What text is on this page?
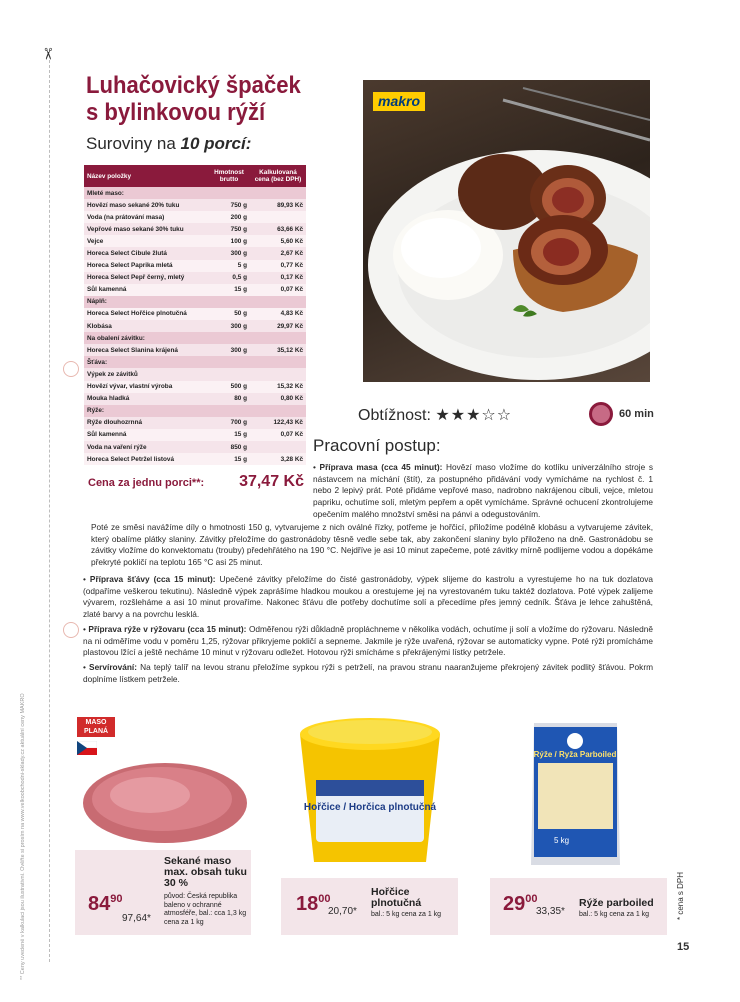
✂
** Ceny uvedené v kalkulaci jsou ilustrativní. Ověřte si prosím na www.velkoobchodni-sklady.cz aktuální ceny MAKRO
Luhačovický špaček
s bylinkovou rýží
Suroviny na 10 porcí:
Název položky	Hmotnost brutto	Kalkulovaná cena (bez DPH)
Mleté maso:		
Hovězí maso sekané 20% tuku	750 g	89,93 Kč
Voda (na prátování masa)	200 g	
Vepřové maso sekané 30% tuku	750 g	63,66 Kč
Vejce	100 g	5,60 Kč
Horeca Select Cibule žlutá	300 g	2,67 Kč
Horeca Select Paprika mletá	5 g	0,77 Kč
Horeca Select Pepř černý, mletý	0,5 g	0,17 Kč
Sůl kamenná	15 g	0,07 Kč
Náplň:		
Horeca Select Hořčice plnotučná	50 g	4,83 Kč
Klobása	300 g	29,97 Kč
Na obalení závitku:		
Horeca Select Slanina krájená	300 g	35,12 Kč
Šťáva:		
Výpek ze závitků		
Hovězí vývar, vlastní výroba	500 g	15,32 Kč
Mouka hladká	80 g	0,80 Kč
Rýže:		
Rýže dlouhozrnná	700 g	122,43 Kč
Sůl kamenná	15 g	0,07 Kč
Voda na vaření rýže	850 g	
Horeca Select Petržel listová	15 g	3,28 Kč
Cena za jednu porci**: 37,47 Kč
makro
Obtížnost: ★★★☆☆	60 min
Pracovní postup:
• Příprava masa (cca 45 minut): Hovězí maso vložíme do kotlíku univerzálního stroje s nástavcem na míchání (štít), za postupného přidávání vody vymícháme na rychlost č. 1 nebo 2 lepivý prát. Poté přidáme vepřové maso, nadrobno nakrájenou cibuli, vejce, mletou papriku, ochutíme solí, mletým pepřem a opět vymícháme. Správné ochucení zkontrolujeme opečením malého množství směsi na pánvi a odegustováním.
Poté ze směsi navážíme díly o hmotnosti 150 g, vytvarujeme z nich oválné řízky, potřeme je hořčicí, přiložíme podélně klobásu a vytvarujeme závitek, který obalíme plátky slaniny. Závitky přeložíme do gastronádoby těsně vedle sebe tak, aby zakončení slaniny bylo přiloženo na dně. Gastronádobu se závitky vložíme do konvektomatu (trouby) předehřátého na 190 °C. Nejdříve je asi 10 minut zapečeme, poté závitky mírně podlijeme vodou a dopékáme překryté pokličí na teplotu 165 °C asi 25 minut.
• Příprava šťávy (cca 15 minut): Upečené závitky přeložíme do čisté gastronádoby, výpek slijeme do kastrolu a vyrestujeme ho na tuk dozlatova (odpaříme veškerou tekutinu). Následně výpek zaprášíme hladkou moukou a orestujeme jej na vyrestovaném tuku taktéž dozlatova. Poté výpek zalijeme vývarem, rozšleháme a asi 10 minut provaříme. Nakonec šťávu dle potřeby dochutíme solí a přecedíme přes jemný cedník. Šťáva je lehce zahuštěná, zlaté barvy a na povrchu lesklá.
• Příprava rýže v rýžovaru (cca 15 minut): Odměřenou rýži důkladně propláchneme v několika vodách, ochutíme ji solí a vložíme do rýžovaru. Následně na ni odměříme vodu v poměru 1,25, rýžovar přikryjeme pokličí a sepneme. Jakmile je rýže uvařená, rýžovar se automaticky vypne. Poté rýži promícháme plastovou lžící a ještě necháme 10 minut v rýžovaru odležet. Hotovou rýži smícháme s překrájenými lístky petržele.
• Servírování: Na teplý talíř na levou stranu přeložíme sypkou rýži s petrželí, na pravou stranu naaranžujeme překrojený závitek podlitý šťávou. Pokrm doplníme lístkem petržele.
MASO PLANÁ
$84^{90}$
97,64*
Sekané maso max. obsah tuku 30 %
původ: Česká republika balenо v ochranné atmosféře, bal.: cca 1,3 kg cena za 1 kg
Hořčice / Horčica plnotučná
$18^{00}$
20,70*
Hořčice plnotučná
bal.: 5 kg cena za 1 kg
Rýže / Ryža Parboiled
5 kg
$29^{00}$
33,35*
Rýže parboiled
bal.: 5 kg cena za 1 kg	* cena s DPH
15
